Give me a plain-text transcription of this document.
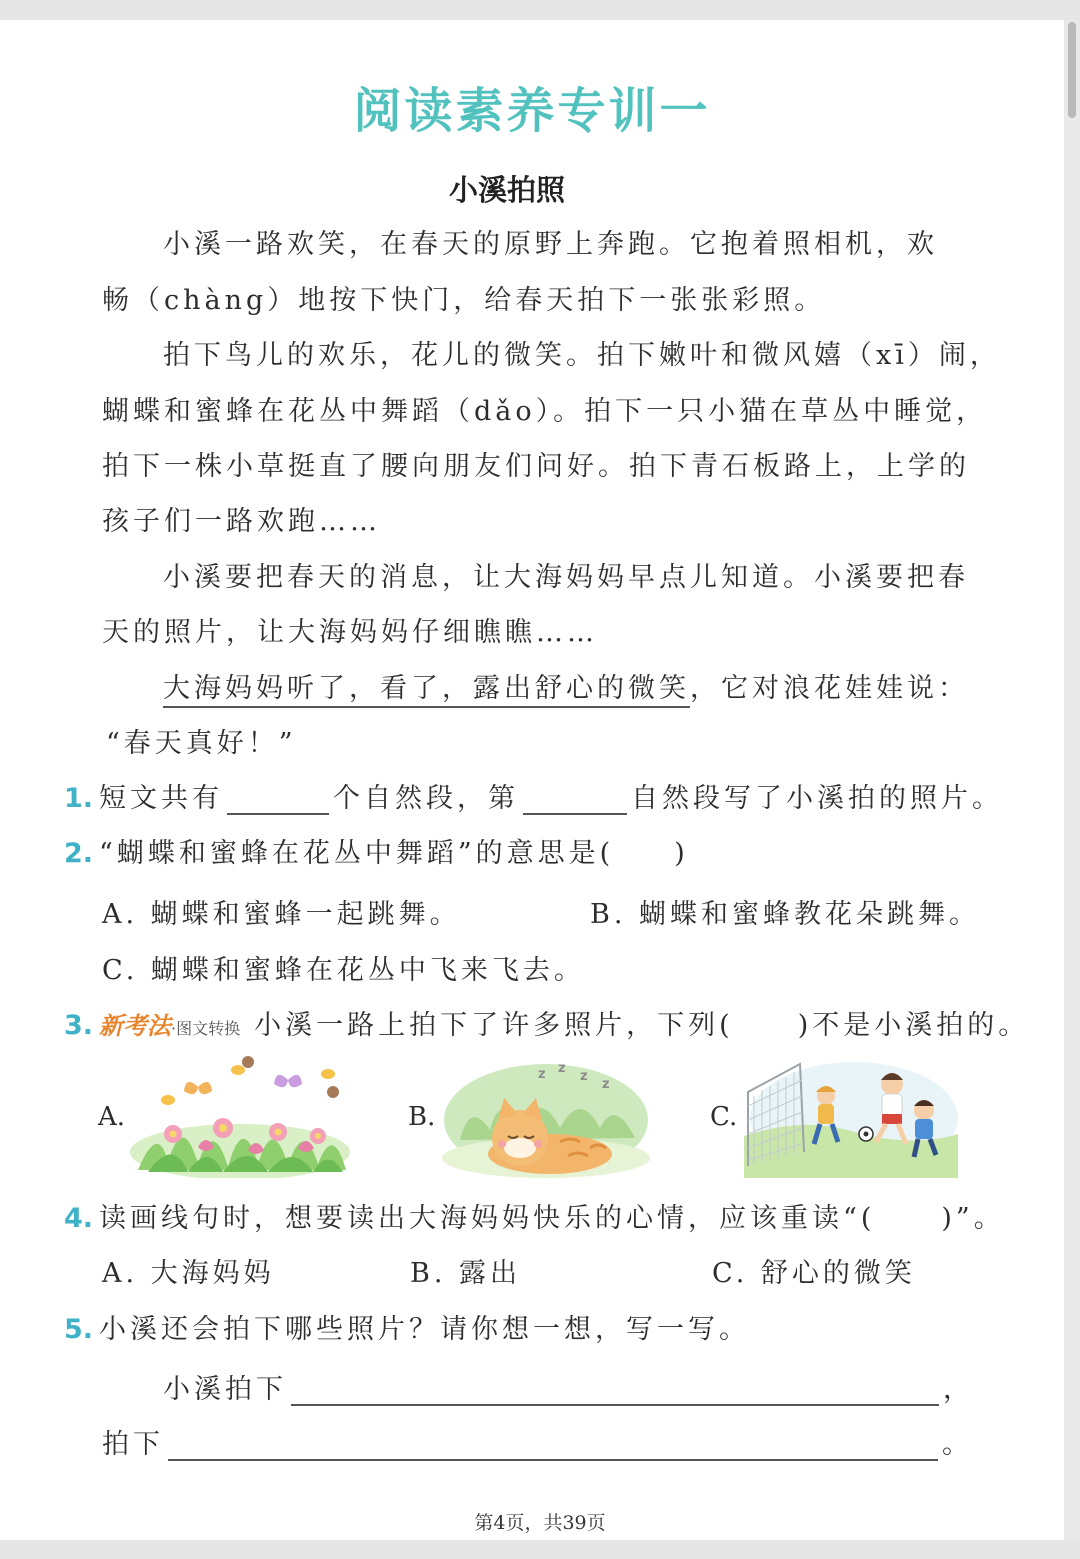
阅读素养专训一
小溪拍照
小溪一路欢笑，在春天的原野上奔跑。它抱着照相机，欢
畅（chàng）地按下快门，给春天拍下一张张彩照。
拍下鸟儿的欢乐，花儿的微笑。拍下嫩叶和微风嬉（xī）闹，
蝴蝶和蜜蜂在花丛中舞蹈（dǎo）。拍下一只小猫在草丛中睡觉，
拍下一株小草挺直了腰向朋友们问好。拍下青石板路上，上学的
孩子们一路欢跑……
小溪要把春天的消息，让大海妈妈早点儿知道。小溪要把春
天的照片，让大海妈妈仔细瞧瞧……
大海妈妈听了，看了，露出舒心的微笑，它对浪花娃娃说：
“春天真好！”
1. 短文共有	个自然段，第	自然段写了小溪拍的照片。
2. “蝴蝶和蜜蜂在花丛中舞蹈”的意思是( )
A. 蝴蝶和蜜蜂一起跳舞。	B. 蝴蝶和蜜蜂教花朵跳舞。
C. 蝴蝶和蜜蜂在花丛中飞来飞去。
3. 新考法·图文转换 小溪一路上拍下了许多照片，下列( )不是小溪拍的。
A.	B.	C.
z z
z
z
4. 读画线句时，想要读出大海妈妈快乐的心情，应该重读“( )”。
A. 大海妈妈	B. 露出	C. 舒心的微笑
5. 小溪还会拍下哪些照片？请你想一想，写一写。
小溪拍下	，
拍下	。
第4页，共39页
